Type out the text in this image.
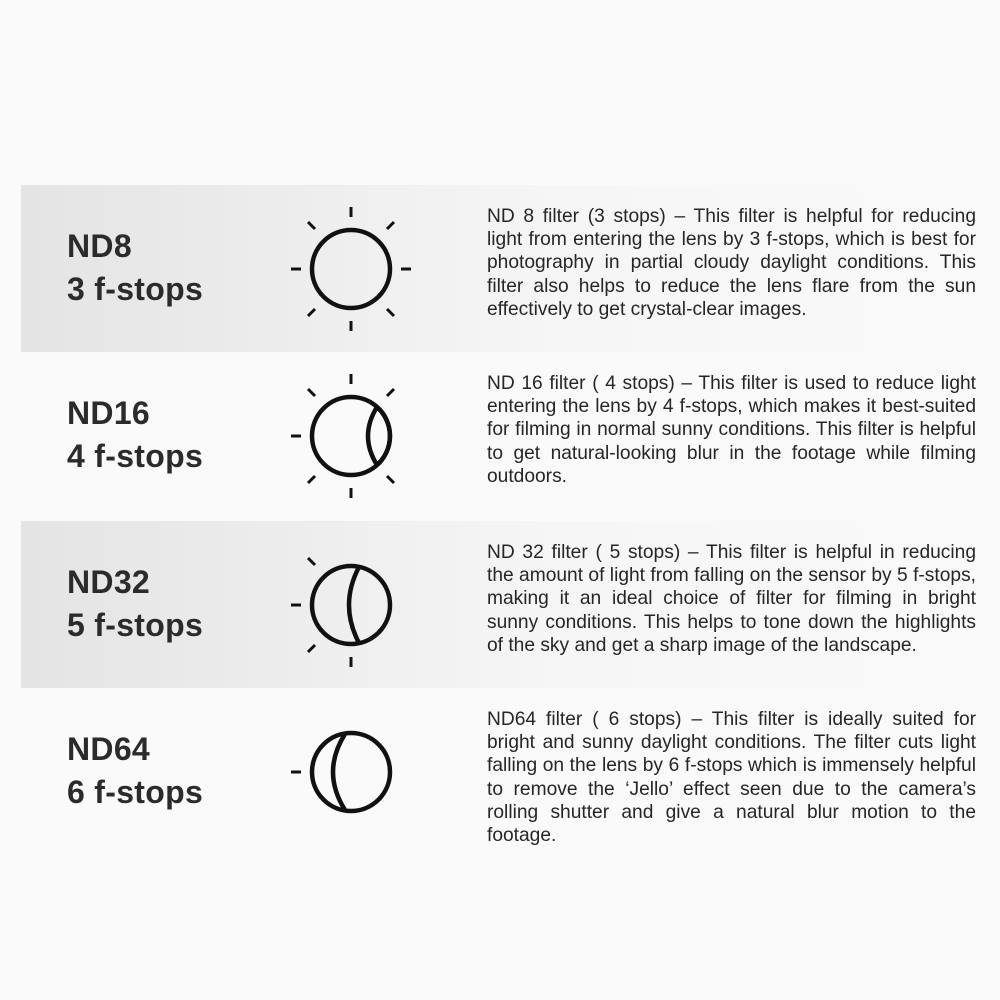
ND8
3 f-stops
ND 8 filter (3 stops) – This filter is helpful for reducing light from entering the lens by 3 f-stops, which is best for photography in partial cloudy daylight conditions. This filter also helps to reduce the lens flare from the sun effectively to get crystal-clear images.
ND16
4 f-stops
ND 16 filter ( 4 stops) – This filter is used to reduce light entering the lens by 4 f-stops, which makes it best-suited for filming in normal sunny conditions. This filter is helpful to get natural-looking blur in the footage while filming outdoors.
ND32
5 f-stops
ND 32 filter ( 5 stops) – This filter is helpful in reducing the amount of light from falling on the sensor by 5 f-stops, making it an ideal choice of filter for filming in bright sunny conditions. This helps to tone down the highlights of the sky and get a sharp image of the landscape.
ND64
6 f-stops
ND64 filter ( 6 stops) – This filter is ideally suited for bright and sunny daylight conditions. The filter cuts light falling on the lens by 6 f-stops which is immensely helpful to remove the ‘Jello’ effect seen due to the camera’s rolling shutter and give a natural blur motion to the footage.
